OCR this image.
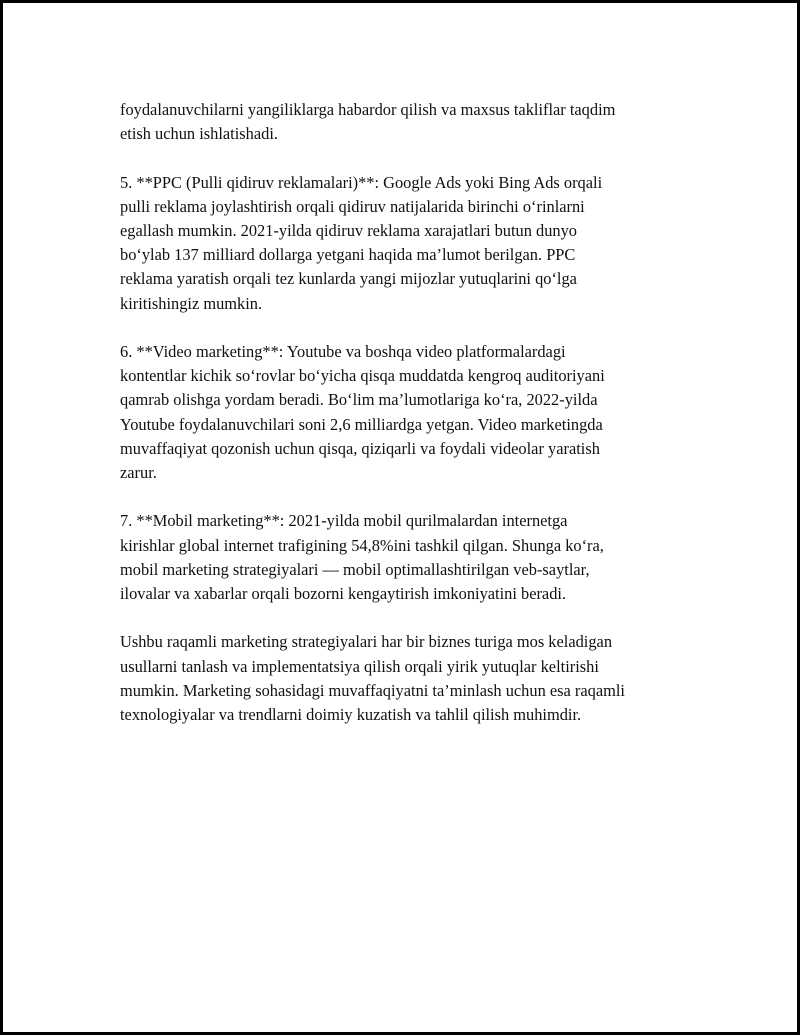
foydalanuvchilarni yangiliklarga habardor qilish va maxsus takliflar taqdim
etish uchun ishlatishadi.

5. **PPC (Pulli qidiruv reklamalari)**: Google Ads yoki Bing Ads orqali
pulli reklama joylashtirish orqali qidiruv natijalarida birinchi o‘rinlarni
egallash mumkin. 2021-yilda qidiruv reklama xarajatlari butun dunyo
bo‘ylab 137 milliard dollarga yetgani haqida ma’lumot berilgan. PPC
reklama yaratish orqali tez kunlarda yangi mijozlar yutuqlarini qo‘lga
kiritishingiz mumkin.

6. **Video marketing**: Youtube va boshqa video platformalardagi
kontentlar kichik so‘rovlar bo‘yicha qisqa muddatda kengroq auditoriyani
qamrab olishga yordam beradi. Bo‘lim ma’lumotlariga ko‘ra, 2022-yilda
Youtube foydalanuvchilari soni 2,6 milliardga yetgan. Video marketingda
muvaffaqiyat qozonish uchun qisqa, qiziqarli va foydali videolar yaratish
zarur.

7. **Mobil marketing**: 2021-yilda mobil qurilmalardan internetga
kirishlar global internet trafigining 54,8%ini tashkil qilgan. Shunga ko‘ra,
mobil marketing strategiyalari — mobil optimallashtirilgan veb-saytlar,
ilovalar va xabarlar orqali bozorni kengaytirish imkoniyatini beradi.

Ushbu raqamli marketing strategiyalari har bir biznes turiga mos keladigan
usullarni tanlash va implementatsiya qilish orqali yirik yutuqlar keltirishi
mumkin. Marketing sohasidagi muvaffaqiyatni ta’minlash uchun esa raqamli
texnologiyalar va trendlarni doimiy kuzatish va tahlil qilish muhimdir.
